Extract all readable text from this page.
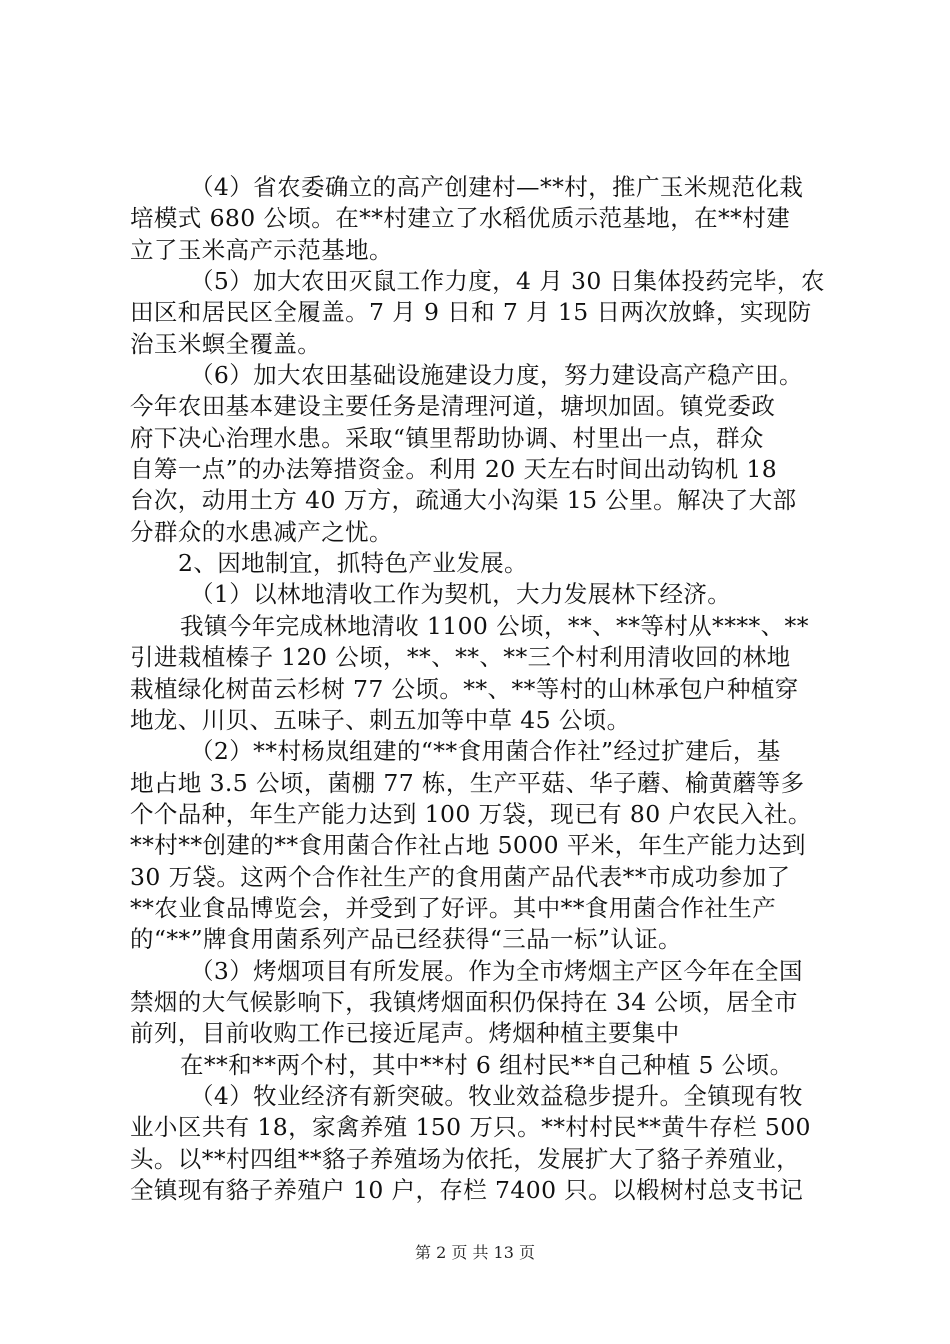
（4）省农委确立的高产创建村—**村，推广玉米规范化栽
培模式 680 公顷。在**村建立了水稻优质示范基地，在**村建
立了玉米高产示范基地。
（5）加大农田灭鼠工作力度，4 月 30 日集体投药完毕，农
田区和居民区全履盖。7 月 9 日和 7 月 15 日两次放蜂，实现防
治玉米螟全覆盖。
（6）加大农田基础设施建设力度，努力建设高产稳产田。
今年农田基本建设主要任务是清理河道，塘坝加固。镇党委政
府下决心治理水患。采取“镇里帮助协调、村里出一点，群众
自筹一点”的办法筹措资金。利用 20 天左右时间出动钩机 18
台次，动用土方 40 万方，疏通大小沟渠 15 公里。解决了大部
分群众的水患减产之忧。
2、因地制宜，抓特色产业发展。
（1）以林地清收工作为契机，大力发展林下经济。
我镇今年完成林地清收 1100 公顷，**、**等村从****、**
引进栽植榛子 120 公顷，**、**、**三个村利用清收回的林地
栽植绿化树苗云杉树 77 公顷。**、**等村的山林承包户种植穿
地龙、川贝、五味子、刺五加等中草 45 公顷。
（2）**村杨岚组建的“**食用菌合作社”经过扩建后，基
地占地 3.5 公顷，菌棚 77 栋，生产平菇、华子蘑、榆黄蘑等多
个个品种，年生产能力达到 100 万袋，现已有 80 户农民入社。
**村**创建的**食用菌合作社占地 5000 平米，年生产能力达到
30 万袋。这两个合作社生产的食用菌产品代表**市成功参加了
**农业食品博览会，并受到了好评。其中**食用菌合作社生产
的“**”牌食用菌系列产品已经获得“三品一标”认证。
（3）烤烟项目有所发展。作为全市烤烟主产区今年在全国
禁烟的大气候影响下，我镇烤烟面积仍保持在 34 公顷，居全市
前列，目前收购工作已接近尾声。烤烟种植主要集中
在**和**两个村，其中**村 6 组村民**自己种植 5 公顷。
（4）牧业经济有新突破。牧业效益稳步提升。全镇现有牧
业小区共有 18，家禽养殖 150 万只。**村村民**黄牛存栏 500
头。以**村四组**貉子养殖场为依托，发展扩大了貉子养殖业，
全镇现有貉子养殖户 10 户，存栏 7400 只。以椴树村总支书记
第 2 页 共 13 页
